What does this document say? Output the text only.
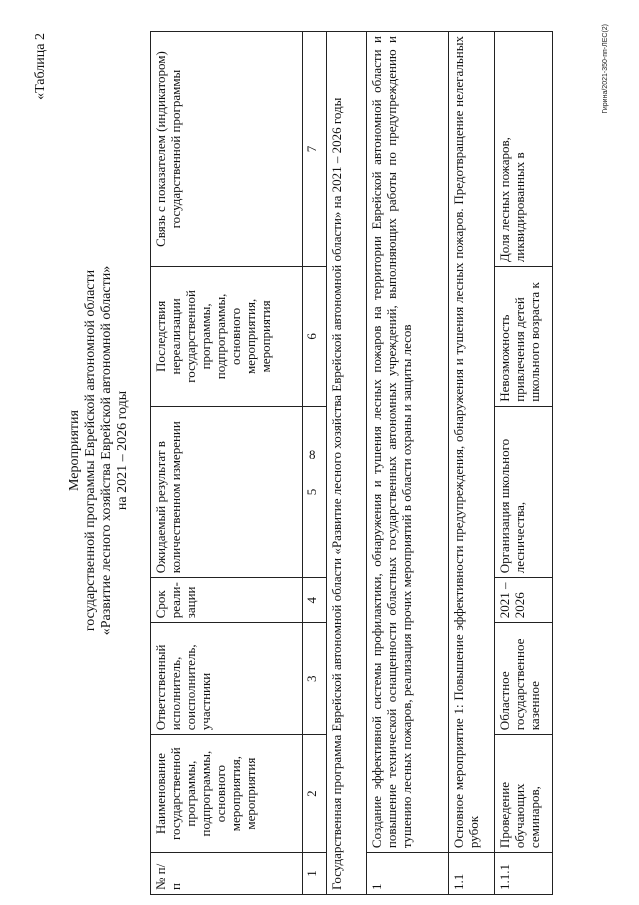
8
«Таблица 2
Мероприятия государственной программы Еврейской автономной области «Развитие лесного хозяйства Еврейской автономной области» на 2021 – 2026 годы
№ п/п	Наименование государственной программы, подпрограммы, основного мероприятия, мероприятия	Ответственный исполнитель, соисполнитель, участники	Срок реали-зации	Ожидаемый результат в количественном измерении	Последствия нереализации государственной программы, подпрограммы, основного мероприятия, мероприятия	Связь с показателем (индикатором) государственной программы
1	2	3	4	5	6	7
Государственная программа Еврейской автономной области «Развитие лесного хозяйства Еврейской автономной области» на 2021 – 2026 годы						
1	Создание эффективной системы профилактики, обнаружения и тушения лесных пожаров на территории Еврейской автономной области и повышение технической оснащенности областных государственных автономных учреждений, выполняющих работы по предупреждению и тушению лесных пожаров, реализация прочих мероприятий в области охраны и защиты лесов					
1.1	Основное мероприятие 1: Повышение эффективности предупреждения, обнаружения и тушения лесных пожаров. Предотвращение нелегальных рубок					
1.1.1	Проведение обучающих семинаров,	Областное государственное казенное	2021 – 2026	Организация школьного лесничества,	Невозможность привлечения детей школьного возраста к	Доля лесных пожаров, ликвидированных в
Гирина/2021-350-пп-ЛЕС(2)
